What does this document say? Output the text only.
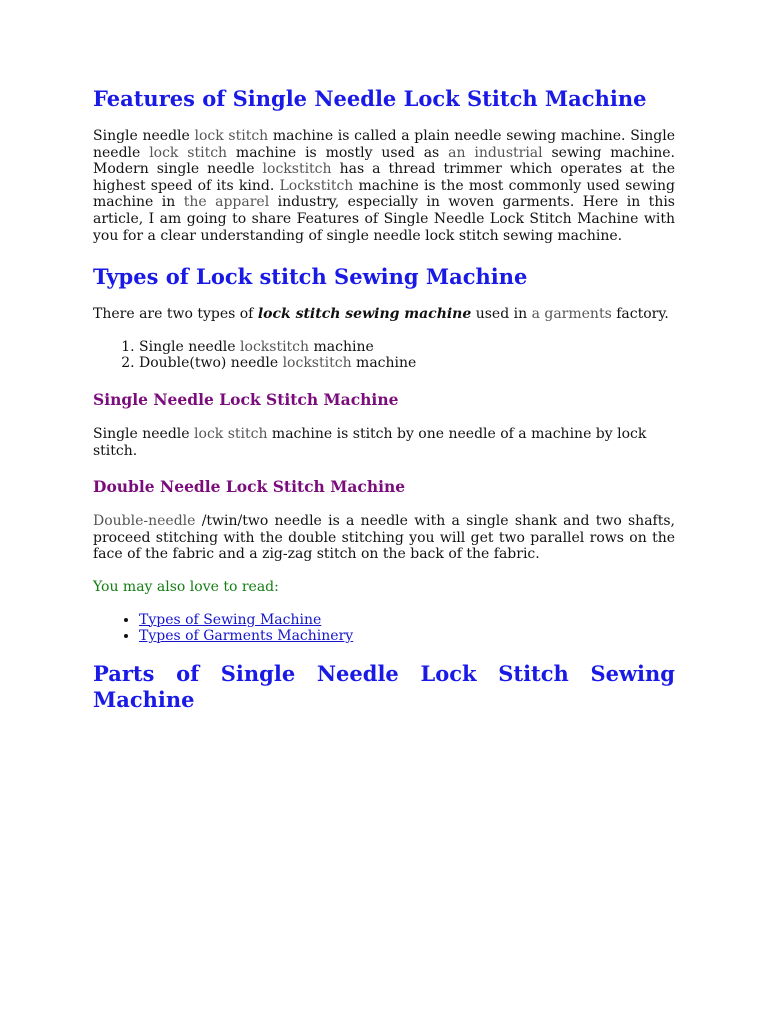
Features of Single Needle Lock Stitch Machine

Single needle lock stitch machine is called a plain needle sewing machine. Single needle lock stitch machine is mostly used as an industrial sewing machine. Modern single needle lockstitch has a thread trimmer which operates at the highest speed of its kind. Lockstitch machine is the most commonly used sewing machine in the apparel industry, especially in woven garments. Here in this article, I am going to share Features of Single Needle Lock Stitch Machine with you for a clear understanding of single needle lock stitch sewing machine.

Types of Lock stitch Sewing Machine

There are two types of lock stitch sewing machine used in a garments factory.

1. Single needle lockstitch machine
2. Double(two) needle lockstitch machine
Single Needle Lock Stitch Machine

Single needle lock stitch machine is stitch by one needle of a machine by lock stitch.

Double Needle Lock Stitch Machine

Double-needle /twin/two needle is a needle with a single shank and two shafts, proceed stitching with the double stitching you will get two parallel rows on the face of the fabric and a zig-zag stitch on the back of the fabric.

You may also love to read:

• Types of Sewing Machine
• Types of Garments Machinery
Parts of Single Needle Lock Stitch Sewing Machine
